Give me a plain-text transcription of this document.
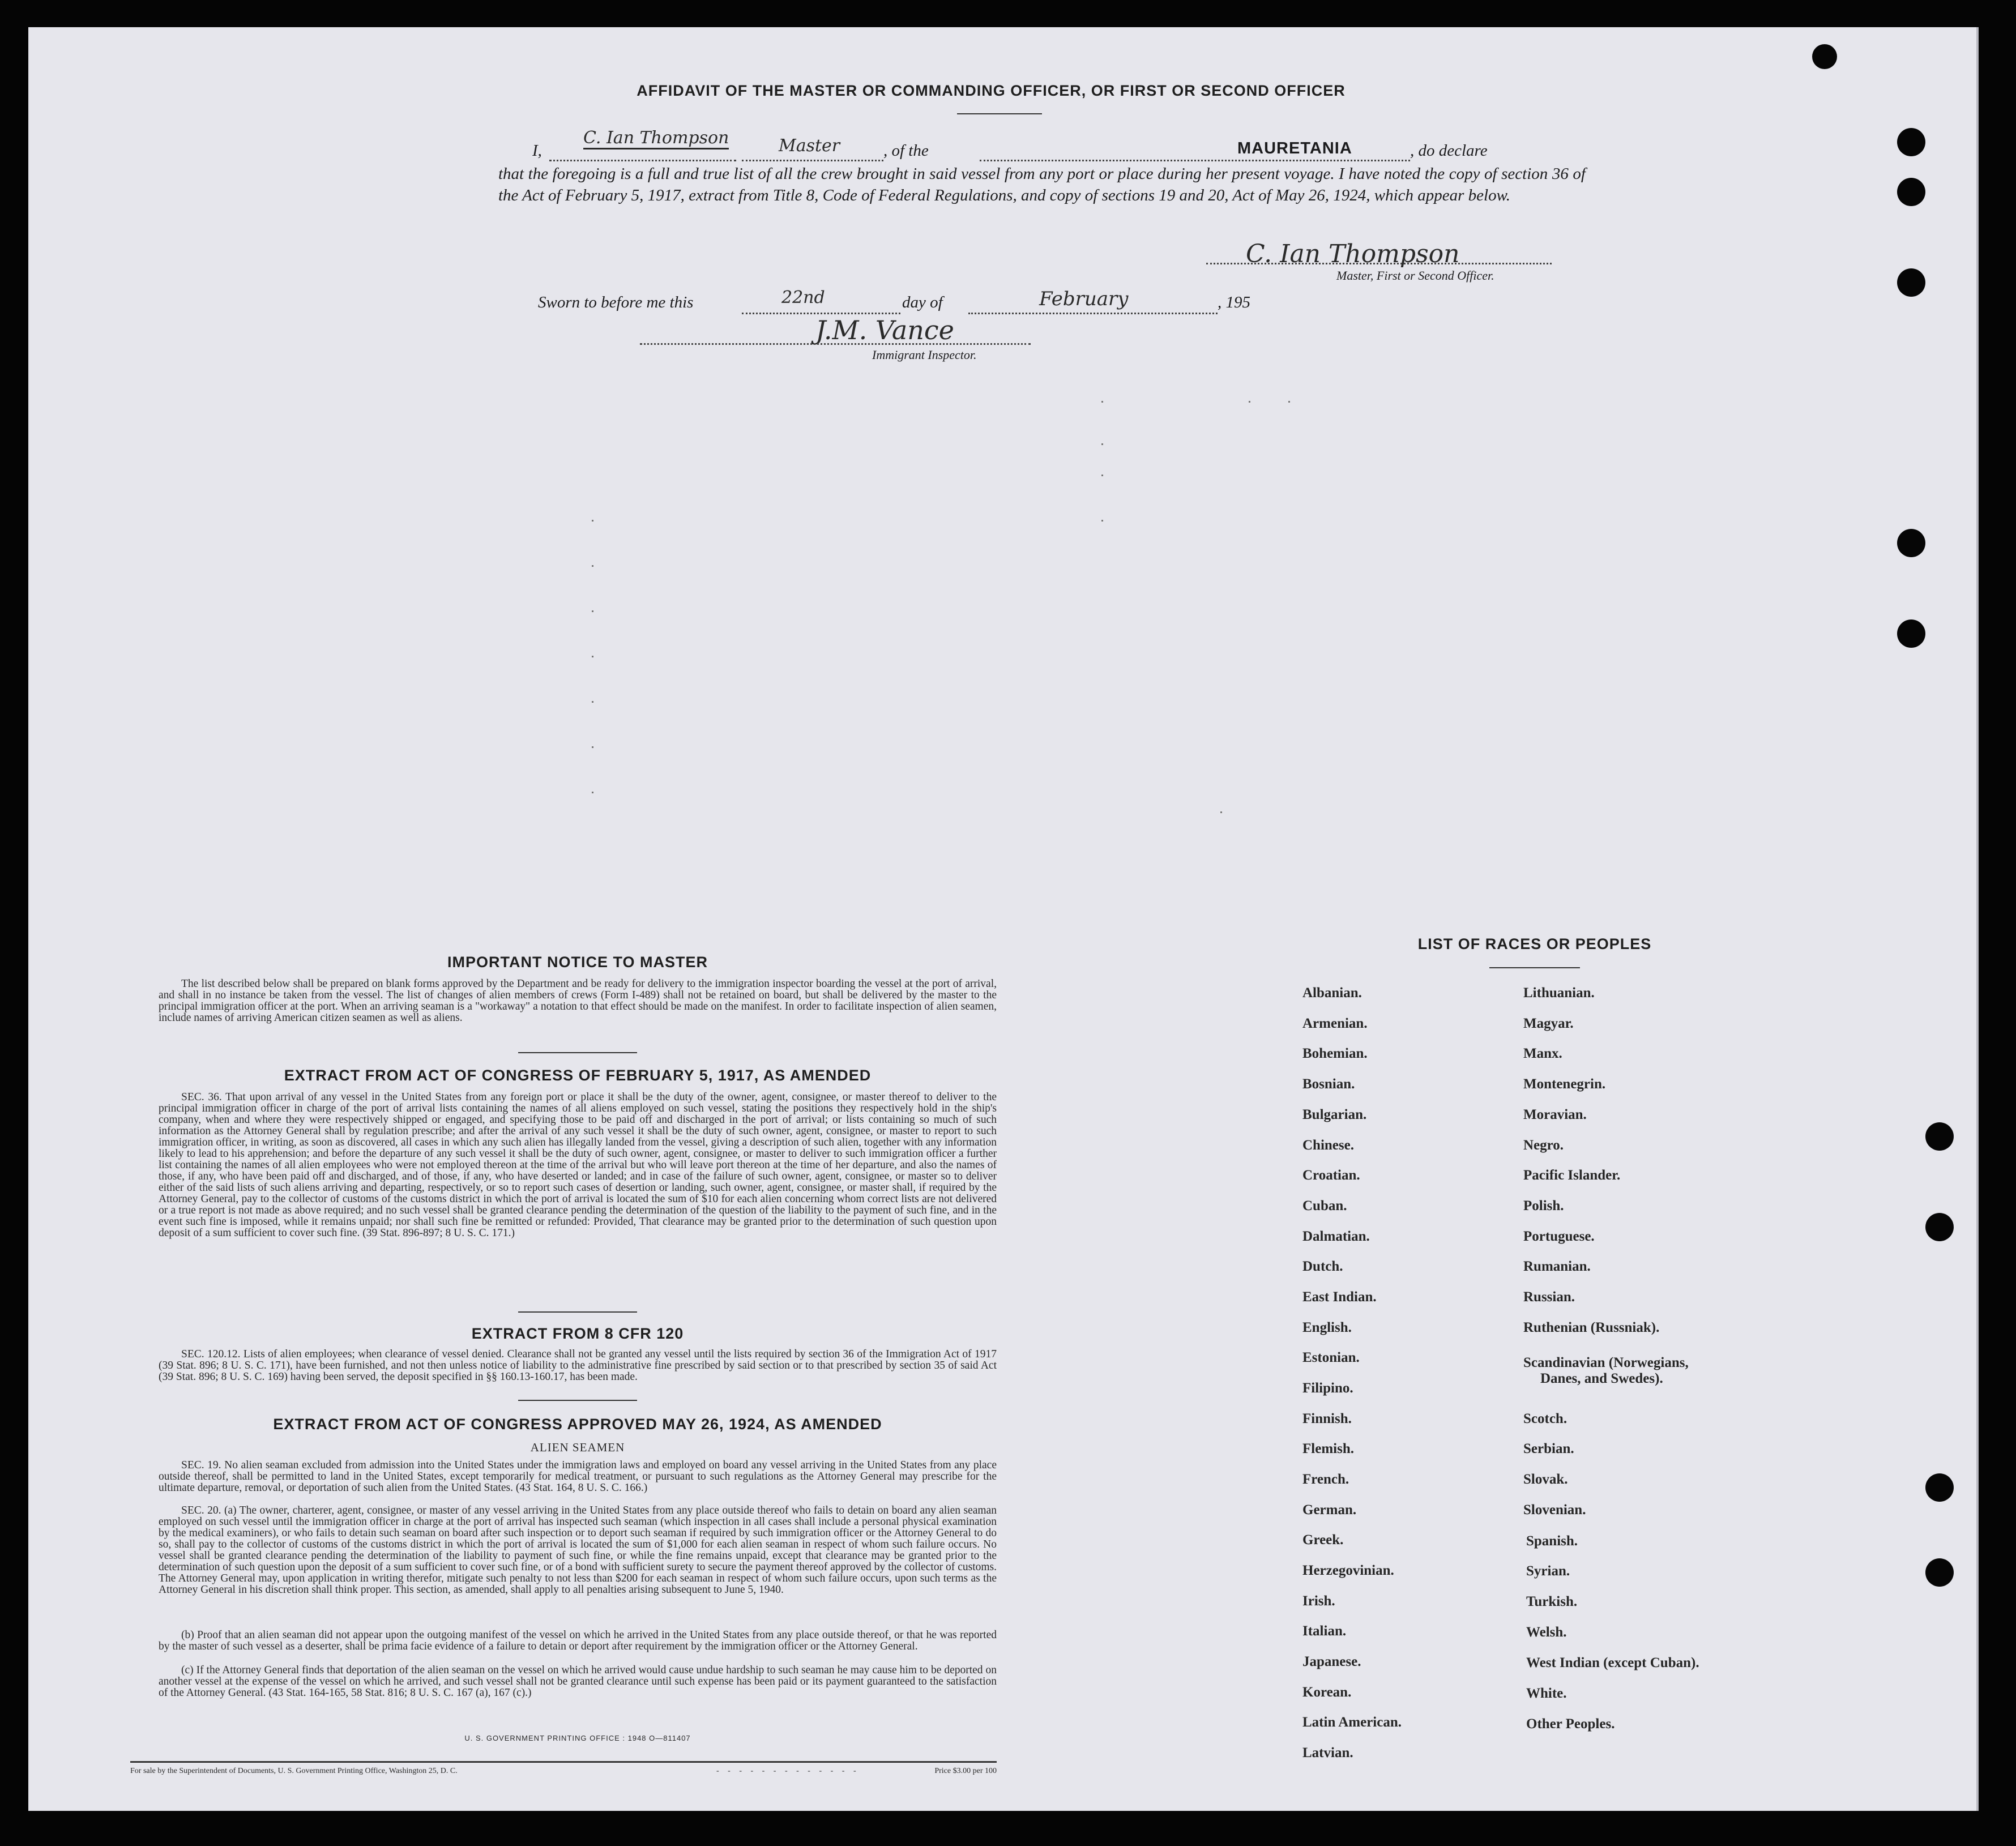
AFFIDAVIT OF THE MASTER OR COMMANDING OFFICER, OR FIRST OR SECOND OFFICER
I,
C. Ian Thompson	Master	, of the	MAURETANIA	, do declare
that the foregoing is a full and true list of all the crew brought in said vessel from any port or place during her present voyage. I have noted the copy of section 36 of the Act of February 5, 1917, extract from Title 8, Code of Federal Regulations, and copy of sections 19 and 20, Act of May 26, 1924, which appear below.
C. Ian Thompson
Master, First or Second Officer.
Sworn to before me this	22nd	day of	February	, 195
J.M. Vance
Immigrant Inspector.
IMPORTANT NOTICE TO MASTER
The list described below shall be prepared on blank forms approved by the Department and be ready for delivery to the immigration inspector boarding the vessel at the port of arrival, and shall in no instance be taken from the vessel. The list of changes of alien members of crews (Form I-489) shall not be retained on board, but shall be delivered by the master to the principal immigration officer at the port. When an arriving seaman is a "workaway" a notation to that effect should be made on the manifest. In order to facilitate inspection of alien seamen, include names of arriving American citizen seamen as well as aliens.
EXTRACT FROM ACT OF CONGRESS OF FEBRUARY 5, 1917, AS AMENDED
SEC. 36. That upon arrival of any vessel in the United States from any foreign port or place it shall be the duty of the owner, agent, consignee, or master thereof to deliver to the principal immigration officer in charge of the port of arrival lists containing the names of all aliens employed on such vessel, stating the positions they respectively hold in the ship's company, when and where they were respectively shipped or engaged, and specifying those to be paid off and discharged in the port of arrival; or lists containing so much of such information as the Attorney General shall by regulation prescribe; and after the arrival of any such vessel it shall be the duty of such owner, agent, consignee, or master to report to such immigration officer, in writing, as soon as discovered, all cases in which any such alien has illegally landed from the vessel, giving a description of such alien, together with any information likely to lead to his apprehension; and before the departure of any such vessel it shall be the duty of such owner, agent, consignee, or master to deliver to such immigration officer a further list containing the names of all alien employees who were not employed thereon at the time of the arrival but who will leave port thereon at the time of her departure, and also the names of those, if any, who have been paid off and discharged, and of those, if any, who have deserted or landed; and in case of the failure of such owner, agent, consignee, or master so to deliver either of the said lists of such aliens arriving and departing, respectively, or so to report such cases of desertion or landing, such owner, agent, consignee, or master shall, if required by the Attorney General, pay to the collector of customs of the customs district in which the port of arrival is located the sum of $10 for each alien concerning whom correct lists are not delivered or a true report is not made as above required; and no such vessel shall be granted clearance pending the determination of the question of the liability to the payment of such fine, and in the event such fine is imposed, while it remains unpaid; nor shall such fine be remitted or refunded: Provided, That clearance may be granted prior to the determination of such question upon deposit of a sum sufficient to cover such fine. (39 Stat. 896-897; 8 U. S. C. 171.)
EXTRACT FROM 8 CFR 120
SEC. 120.12. Lists of alien employees; when clearance of vessel denied. Clearance shall not be granted any vessel until the lists required by section 36 of the Immigration Act of 1917 (39 Stat. 896; 8 U. S. C. 171), have been furnished, and not then unless notice of liability to the administrative fine prescribed by said section or to that prescribed by section 35 of said Act (39 Stat. 896; 8 U. S. C. 169) having been served, the deposit specified in §§ 160.13-160.17, has been made.
EXTRACT FROM ACT OF CONGRESS APPROVED MAY 26, 1924, AS AMENDED
ALIEN SEAMEN
SEC. 19. No alien seaman excluded from admission into the United States under the immigration laws and employed on board any vessel arriving in the United States from any place outside thereof, shall be permitted to land in the United States, except temporarily for medical treatment, or pursuant to such regulations as the Attorney General may prescribe for the ultimate departure, removal, or deportation of such alien from the United States. (43 Stat. 164, 8 U. S. C. 166.)
SEC. 20. (a) The owner, charterer, agent, consignee, or master of any vessel arriving in the United States from any place outside thereof who fails to detain on board any alien seaman employed on such vessel until the immigration officer in charge at the port of arrival has inspected such seaman (which inspection in all cases shall include a personal physical examination by the medical examiners), or who fails to detain such seaman on board after such inspection or to deport such seaman if required by such immigration officer or the Attorney General to do so, shall pay to the collector of customs of the customs district in which the port of arrival is located the sum of $1,000 for each alien seaman in respect of whom such failure occurs. No vessel shall be granted clearance pending the determination of the liability to payment of such fine, or while the fine remains unpaid, except that clearance may be granted prior to the determination of such question upon the deposit of a sum sufficient to cover such fine, or of a bond with sufficient surety to secure the payment thereof approved by the collector of customs. The Attorney General may, upon application in writing therefor, mitigate such penalty to not less than $200 for each seaman in respect of whom such failure occurs, upon such terms as the Attorney General in his discretion shall think proper. This section, as amended, shall apply to all penalties arising subsequent to June 5, 1940.
(b) Proof that an alien seaman did not appear upon the outgoing manifest of the vessel on which he arrived in the United States from any place outside thereof, or that he was reported by the master of such vessel as a deserter, shall be prima facie evidence of a failure to detain or deport after requirement by the immigration officer or the Attorney General.
(c) If the Attorney General finds that deportation of the alien seaman on the vessel on which he arrived would cause undue hardship to such seaman he may cause him to be deported on another vessel at the expense of the vessel on which he arrived, and such vessel shall not be granted clearance until such expense has been paid or its payment guaranteed to the satisfaction of the Attorney General. (43 Stat. 164-165, 58 Stat. 816; 8 U. S. C. 167 (a), 167 (c).)
U. S. GOVERNMENT PRINTING OFFICE : 1948 O—811407
For sale by the Superintendent of Documents, U. S. Government Printing Office, Washington 25, D. C.	- - - - - - - - - - - - -	Price $3.00 per 100
LIST OF RACES OR PEOPLES
Albanian.
Armenian.
Bohemian.
Bosnian.
Bulgarian.
Chinese.
Croatian.
Cuban.
Dalmatian.
Dutch.
East Indian.
English.
Estonian.
Filipino.
Finnish.
Flemish.
French.
German.
Greek.
Herzegovinian.
Irish.
Italian.
Japanese.
Korean.
Latin American.
Latvian.
Lithuanian.
Magyar.
Manx.
Montenegrin.
Moravian.
Negro.
Pacific Islander.
Polish.
Portuguese.
Rumanian.
Russian.
Ruthenian (Russniak).
Scandinavian (Norwegians,
Danes, and Swedes).
Scotch.
Serbian.
Slovak.
Slovenian.
Spanish.
Syrian.
Turkish.
Welsh.
West Indian (except Cuban).
White.
Other Peoples.
